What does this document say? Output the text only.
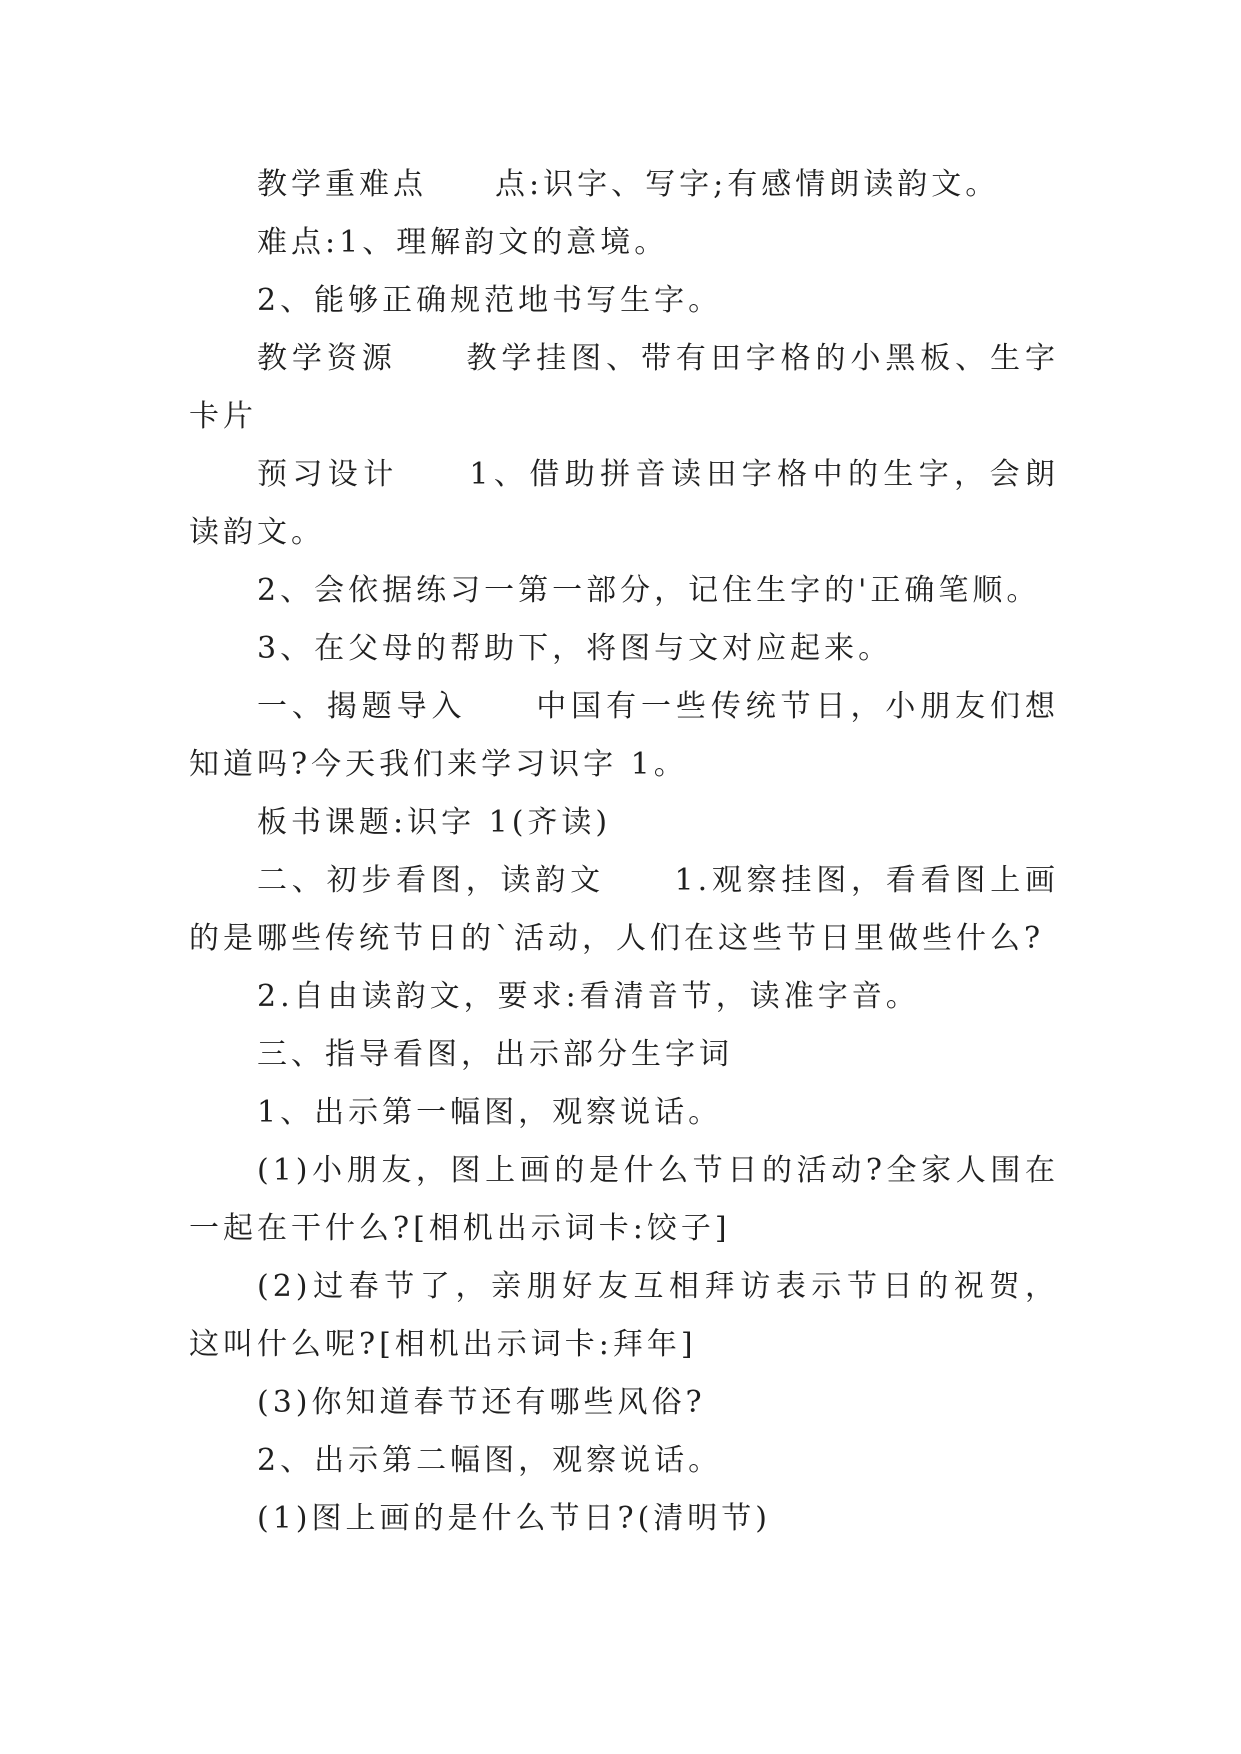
教学重难点　　点:识字、写字;有感情朗读韵文。

难点:1、理解韵文的意境。

2、能够正确规范地书写生字。

教学资源　　教学挂图、带有田字格的小黑板、生字卡片

预习设计　　1、借助拼音读田字格中的生字，会朗读韵文。

2、会依据练习一第一部分，记住生字的'正确笔顺。

3、在父母的帮助下，将图与文对应起来。

一、揭题导入　　中国有一些传统节日，小朋友们想知道吗?今天我们来学习识字 1。

板书课题:识字 1(齐读)

二、初步看图，读韵文　　1.观察挂图，看看图上画的是哪些传统节日的`活动，人们在这些节日里做些什么?

2.自由读韵文，要求:看清音节，读准字音。

三、指导看图，出示部分生字词

1、出示第一幅图，观察说话。

(1)小朋友，图上画的是什么节日的活动?全家人围在一起在干什么?[相机出示词卡:饺子]

(2)过春节了，亲朋好友互相拜访表示节日的祝贺，这叫什么呢?[相机出示词卡:拜年]

(3)你知道春节还有哪些风俗?

2、出示第二幅图，观察说话。

(1)图上画的是什么节日?(清明节)
